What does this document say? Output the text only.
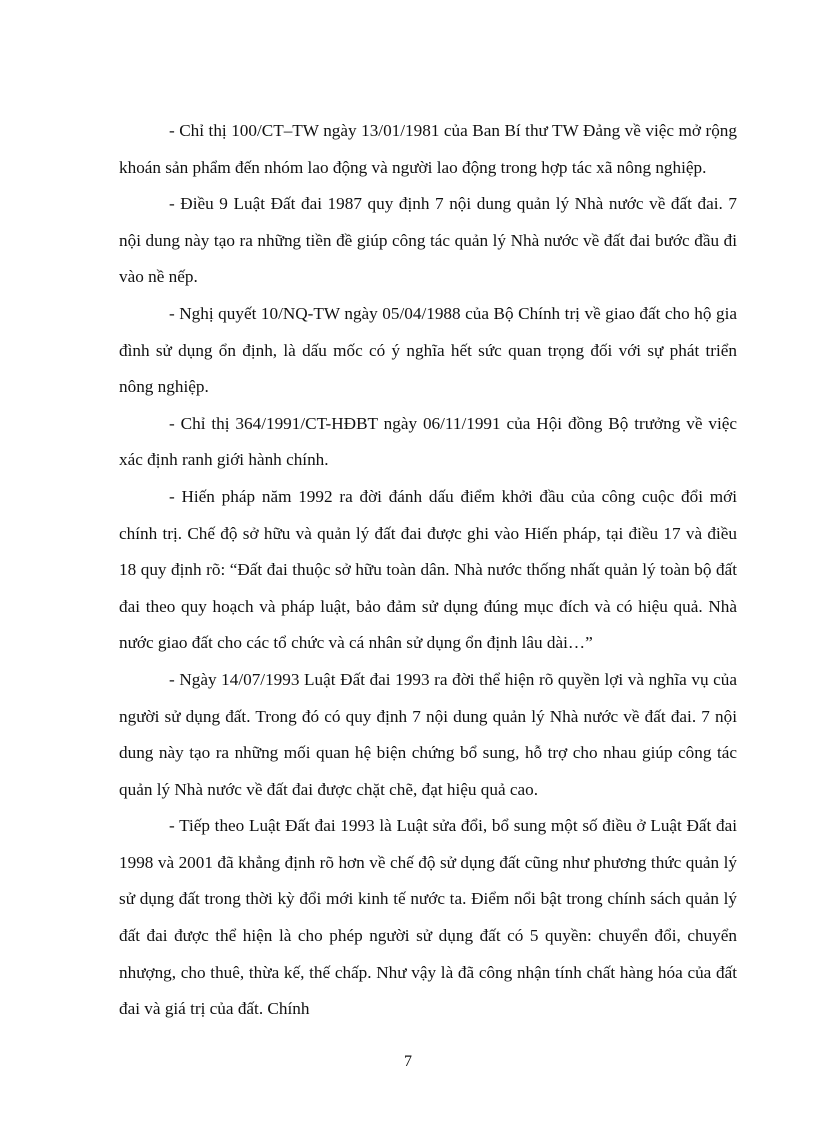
- Chỉ thị 100/CT–TW ngày 13/01/1981 của Ban Bí thư TW Đảng về việc mở rộng khoán sản phẩm đến nhóm lao động và người lao động trong hợp tác xã nông nghiệp.

- Điều 9 Luật Đất đai 1987 quy định 7 nội dung quản lý Nhà nước về đất đai. 7 nội dung này tạo ra những tiền đề giúp công tác quản lý Nhà nước về đất đai bước đầu đi vào nề nếp.

- Nghị quyết 10/NQ-TW ngày 05/04/1988 của Bộ Chính trị về giao đất cho hộ gia đình sử dụng ổn định, là dấu mốc có ý nghĩa hết sức quan trọng đối với sự phát triển nông nghiệp.

- Chỉ thị 364/1991/CT-HĐBT ngày 06/11/1991 của Hội đồng Bộ trưởng về việc xác định ranh giới hành chính.

- Hiến pháp năm 1992 ra đời đánh dấu điểm khởi đầu của công cuộc đổi mới chính trị. Chế độ sở hữu và quản lý đất đai được ghi vào Hiến pháp, tại điều 17 và điều 18 quy định rõ: “Đất đai thuộc sở hữu toàn dân. Nhà nước thống nhất quản lý toàn bộ đất đai theo quy hoạch và pháp luật, bảo đảm sử dụng đúng mục đích và có hiệu quả. Nhà nước giao đất cho các tổ chức và cá nhân sử dụng ổn định lâu dài…”

- Ngày 14/07/1993 Luật Đất đai 1993 ra đời thể hiện rõ quyền lợi và nghĩa vụ của người sử dụng đất. Trong đó có quy định 7 nội dung quản lý Nhà nước về đất đai. 7 nội dung này tạo ra những mối quan hệ biện chứng bổ sung, hỗ trợ cho nhau giúp công tác quản lý Nhà nước về đất đai được chặt chẽ, đạt hiệu quả cao.

- Tiếp theo Luật Đất đai 1993 là Luật sửa đổi, bổ sung một số điều ở Luật Đất đai 1998 và 2001 đã khẳng định rõ hơn về chế độ sử dụng đất cũng như phương thức quản lý sử dụng đất trong thời kỳ đổi mới kinh tế nước ta. Điểm nổi bật trong chính sách quản lý đất đai được thể hiện là cho phép người sử dụng đất có 5 quyền: chuyển đổi, chuyển nhượng, cho thuê, thừa kế, thế chấp. Như vậy là đã công nhận tính chất hàng hóa của đất đai và giá trị của đất. Chính

7
